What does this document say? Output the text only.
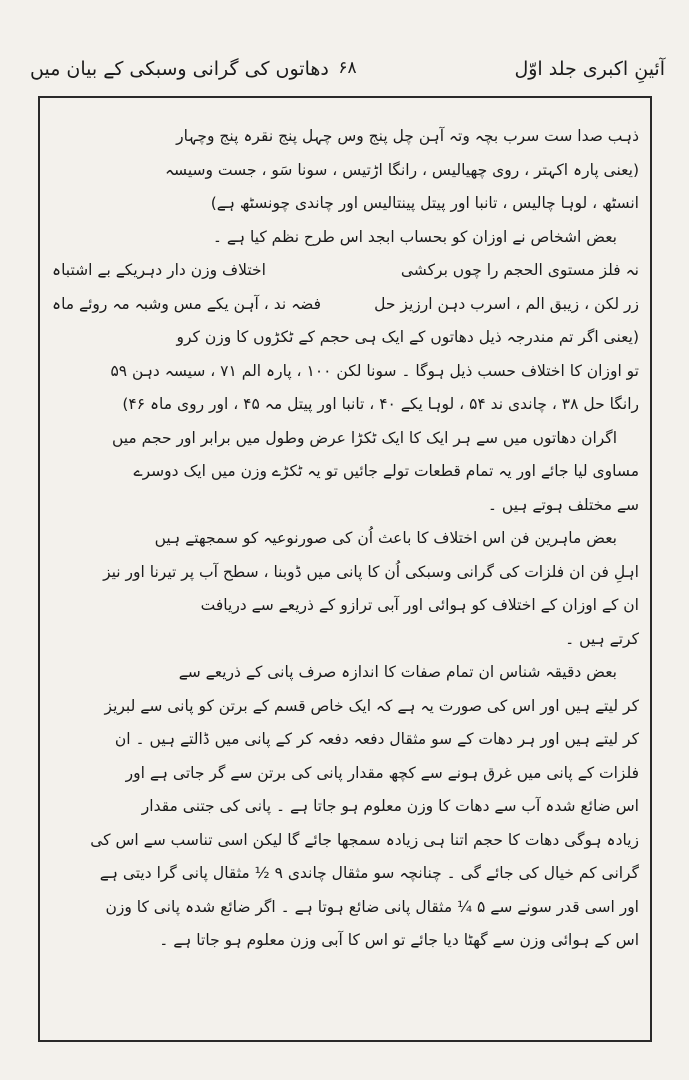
آئینِ اکبری جلد اوّل
۶۸
دھاتوں کی گرانی وسبکی کے بیان میں
ذہب صدا ست سرب بچہ وتہ آہن چل پنج وس چہل پنج نقرہ پنج وچہار
(یعنی پارہ اکہتر ، روی چھیالیس ، رانگا اڑتیس ، سونا سَو ، جست وسیسہ
انسٹھ ، لوہا چالیس ، تانبا اور پیتل پینتالیس اور چاندی چونسٹھ ہے)
بعض اشخاص نے اوزان کو بحساب ابجد اس طرح نظم کیا ہے ۔
نہ فلز مستوی الحجم را چوں برکشی
اختلاف وزن دار دہریکے بے اشتباہ
زر لکن ، زیبق الم ، اسرب دہن ارزیز حل
فضہ ند ، آہن یکے مس وشبہ مہ روئے ماہ
(یعنی اگر تم مندرجہ ذیل دھاتوں کے ایک ہی حجم کے ٹکڑوں کا وزن کرو
تو اوزان کا اختلاف حسب ذیل ہوگا ۔ سونا لکن ۱۰۰ ، پارہ الم ۷۱ ، سیسہ دہن ۵۹
رانگا حل ۳۸ ، چاندی ند ۵۴ ، لوہا یکے ۴۰ ، تانبا اور پیتل مہ ۴۵ ، اور روی ماہ ۴۶)
اگران دھاتوں میں سے ہر ایک کا ایک ٹکڑا عرض وطول میں برابر اور حجم میں
مساوی لیا جائے اور یہ تمام قطعات تولے جائیں تو یہ ٹکڑے وزن میں ایک دوسرے
سے مختلف ہوتے ہیں ۔
بعض ماہرین فن اس اختلاف کا باعث اُن کی صورنوعیہ کو سمجھتے ہیں
اہلِ فن ان فلزات کی گرانی وسبکی اُن کا پانی میں ڈوبنا ، سطح آب پر تیرنا اور نیز
ان کے اوزان کے اختلاف کو ہوائی اور آبی ترازو کے ذریعے سے دریافت
کرتے ہیں ۔
بعض دقیقہ شناس ان تمام صفات کا اندازہ صرف پانی کے ذریعے سے
کر لیتے ہیں اور اس کی صورت یہ ہے کہ ایک خاص قسم کے برتن کو پانی سے لبریز
کر لیتے ہیں اور ہر دھات کے سو مثقال دفعہ دفعہ کر کے پانی میں ڈالتے ہیں ۔ ان
فلزات کے پانی میں غرق ہونے سے کچھ مقدار پانی کی برتن سے گر جاتی ہے اور
اس ضائع شدہ آب سے دھات کا وزن معلوم ہو جاتا ہے ۔ پانی کی جتنی مقدار
زیادہ ہوگی دھات کا حجم اتنا ہی زیادہ سمجھا جائے گا لیکن اسی تناسب سے اس کی
گرانی کم خیال کی جائے گی ۔ چنانچہ سو مثقال چاندی ۹ ½ مثقال پانی گرا دیتی ہے
اور اسی قدر سونے سے ۵ ¼ مثقال پانی ضائع ہوتا ہے ۔ اگر ضائع شدہ پانی کا وزن
اس کے ہوائی وزن سے گھٹا دیا جائے تو اس کا آبی وزن معلوم ہو جاتا ہے ۔
